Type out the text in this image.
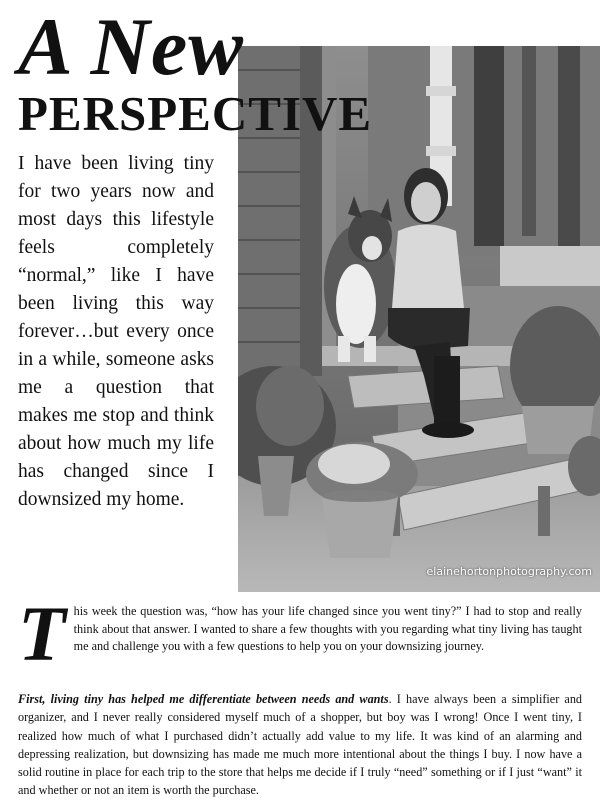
A New
PERSPECTIVE

I have been living tiny for two years now and most days this lifestyle feels completely “normal,” like I have been living this way forever…but every once in a while, someone asks me a question that makes me stop and think about how much my life has changed since I downsized my home.

elainehortonphotography.com

This week the question was, “how has your life changed since you went tiny?” I had to stop and really think about that answer. I wanted to share a few thoughts with you regarding what tiny living has taught me and challenge you with a few questions to help you on your downsizing journey.

First, living tiny has helped me differentiate between needs and wants. I have always been a simplifier and organizer, and I never really considered myself much of a shopper, but boy was I wrong! Once I went tiny, I realized how much of what I purchased didn’t actually add value to my life. It was kind of an alarming and depressing realization, but downsizing has made me much more intentional about the things I buy. I now have a solid routine in place for each trip to the store that helps me decide if I truly “need” something or if I just “want” it and whether or not an item is worth the purchase.
